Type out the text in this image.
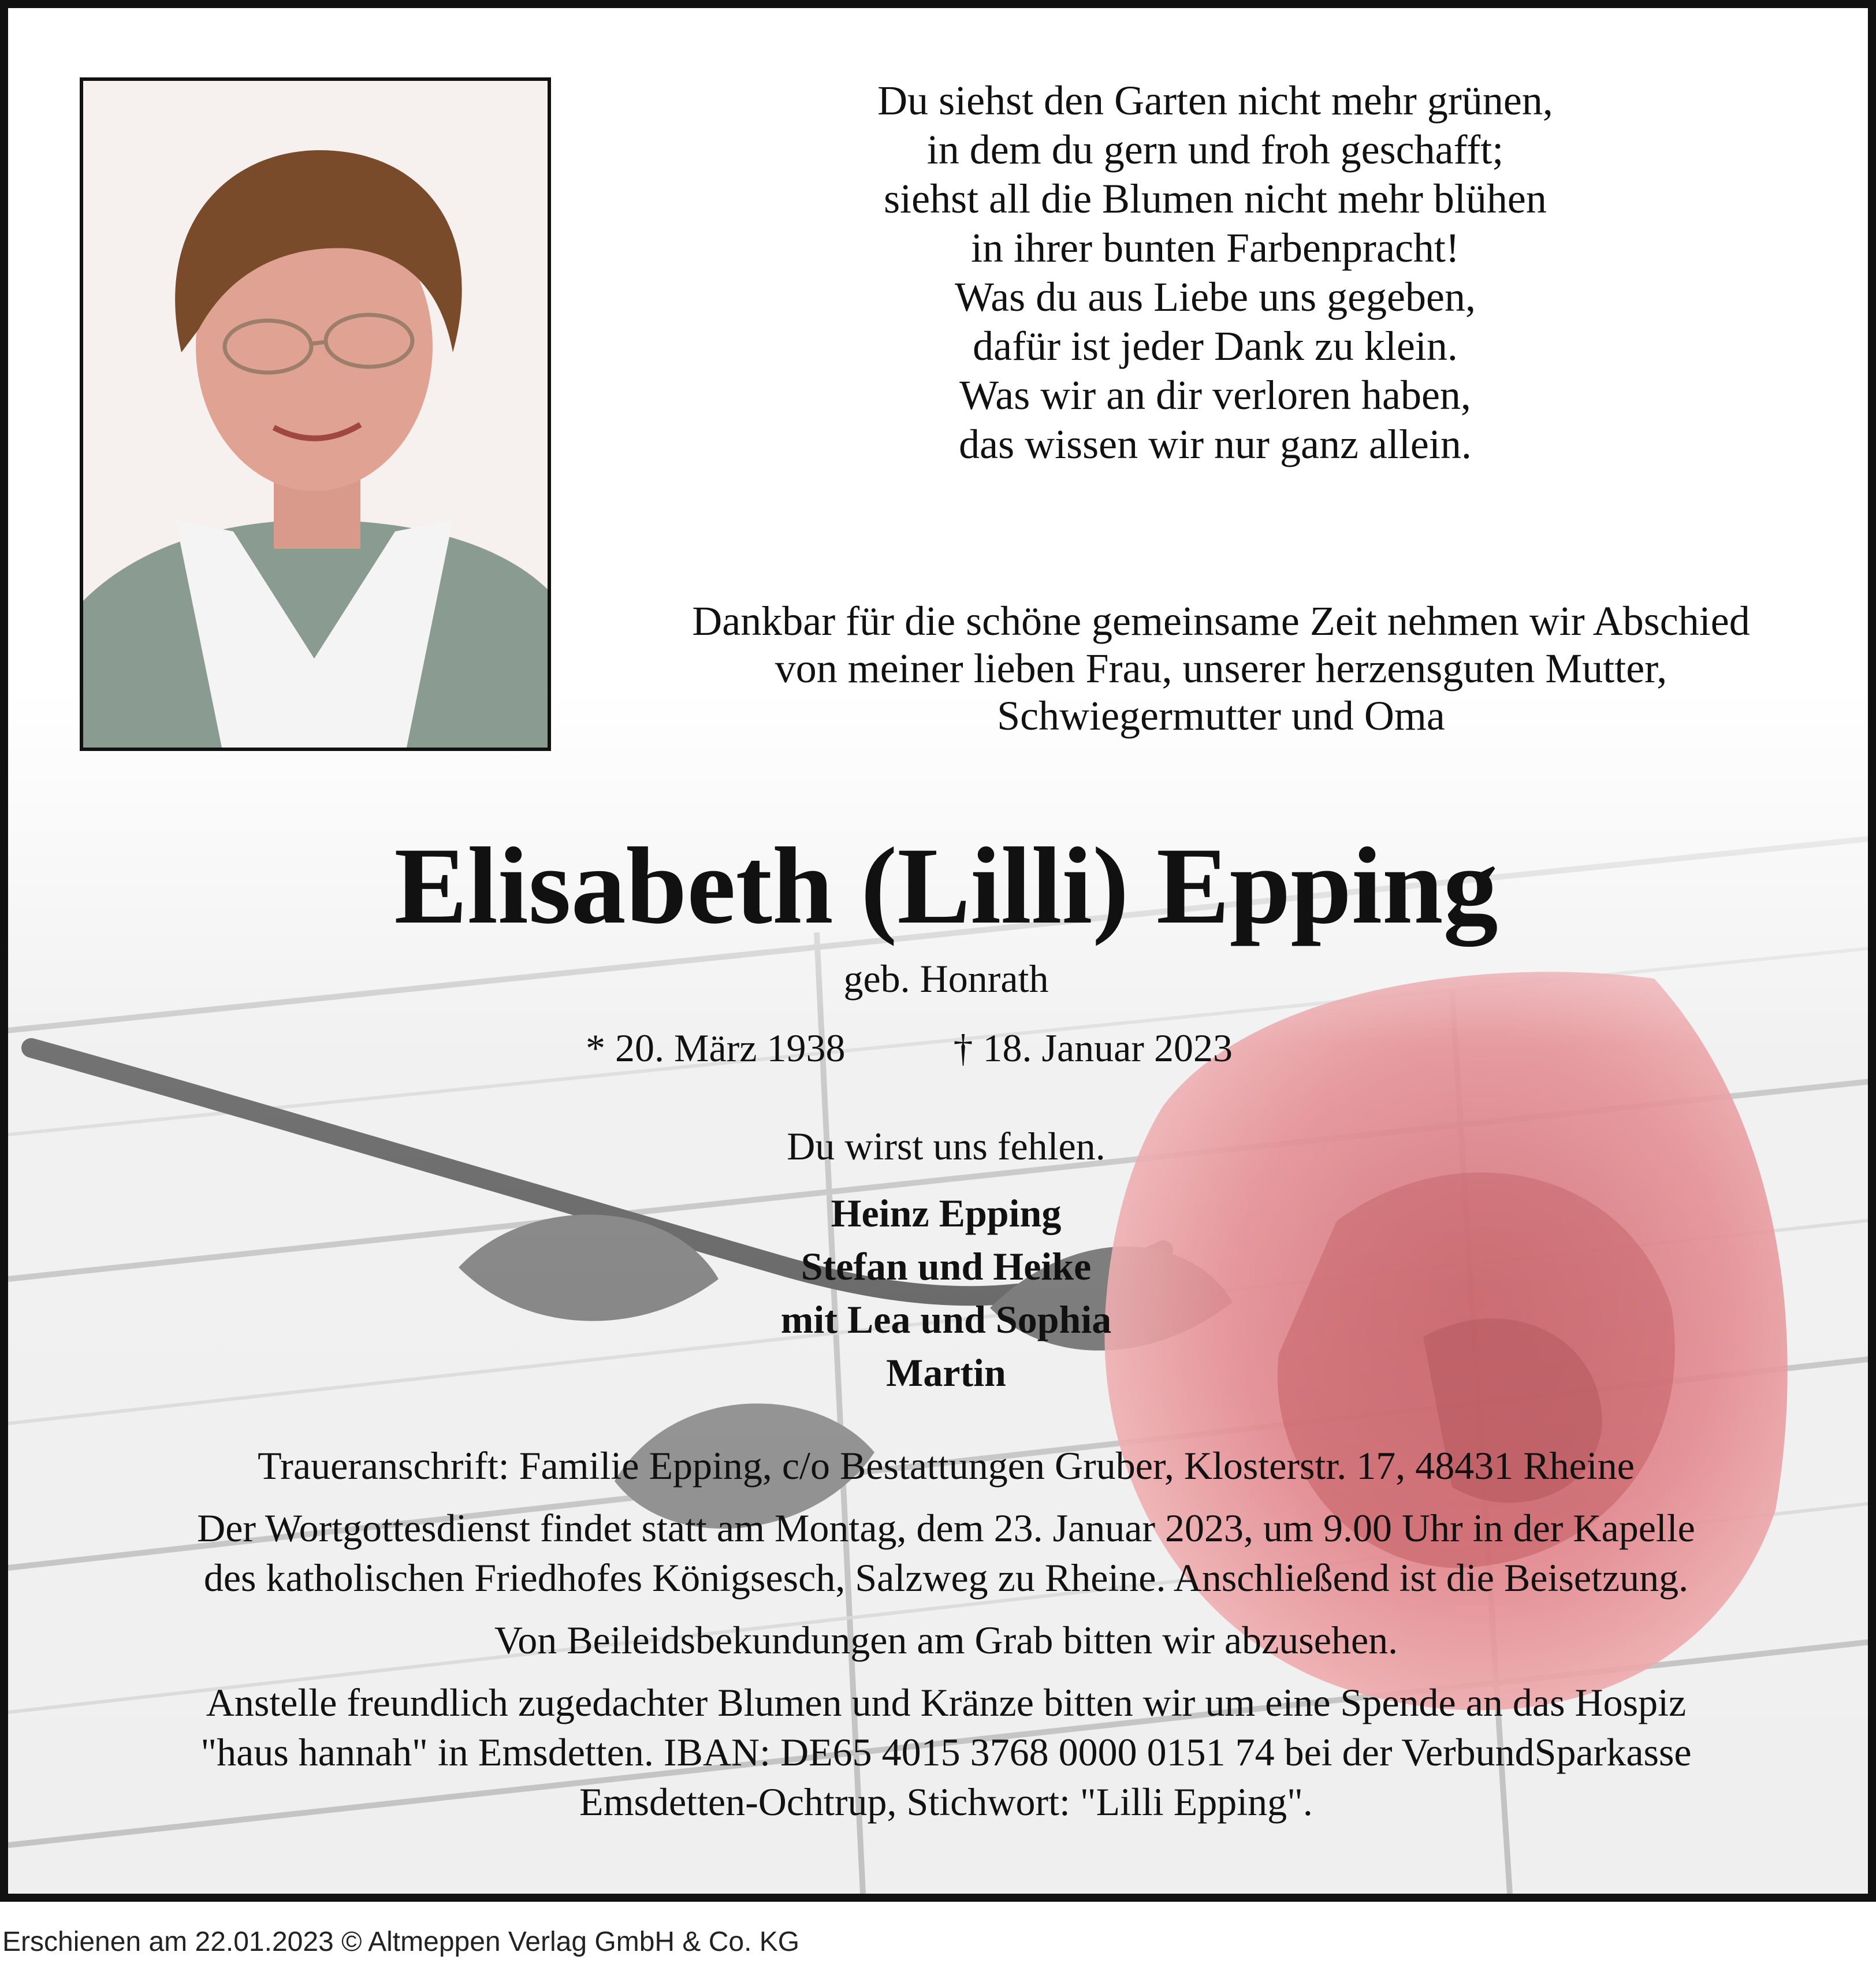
Du siehst den Garten nicht mehr grünen,
in dem du gern und froh geschafft;
siehst all die Blumen nicht mehr blühen
in ihrer bunten Farbenpracht!
Was du aus Liebe uns gegeben,
dafür ist jeder Dank zu klein.
Was wir an dir verloren haben,
das wissen wir nur ganz allein.
Dankbar für die schöne gemeinsame Zeit nehmen wir Abschied
von meiner lieben Frau, unserer herzensguten Mutter,
Schwiegermutter und Oma
Elisabeth (Lilli) Epping
geb. Honrath
* 20. März 1938	† 18. Januar 2023
Du wirst uns fehlen.
Heinz Epping
Stefan und Heike
mit Lea und Sophia
Martin
Traueranschrift: Familie Epping, c/o Bestattungen Gruber, Klosterstr. 17, 48431 Rheine
Der Wortgottesdienst findet statt am Montag, dem 23. Januar 2023, um 9.00 Uhr in der Kapelle
des katholischen Friedhofes Königsesch, Salzweg zu Rheine. Anschließend ist die Beisetzung.
Von Beileidsbekundungen am Grab bitten wir abzusehen.
Anstelle freundlich zugedachter Blumen und Kränze bitten wir um eine Spende an das Hospiz
"haus hannah" in Emsdetten. IBAN: DE65 4015 3768 0000 0151 74 bei der VerbundSparkasse
Emsdetten-Ochtrup, Stichwort: "Lilli Epping".
Erschienen am 22.01.2023 © Altmeppen Verlag GmbH & Co. KG
